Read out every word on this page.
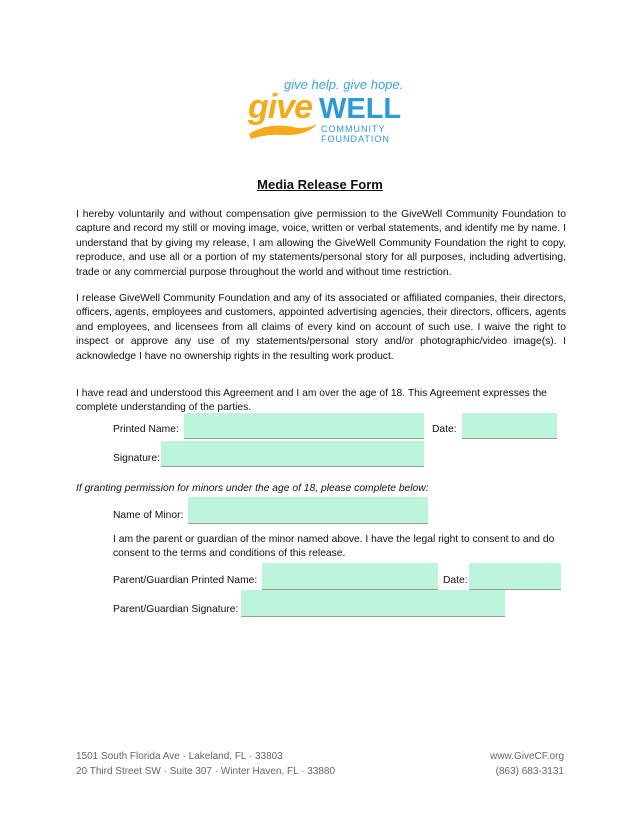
give help. give hope.
give WELL
COMMUNITY
FOUNDATION
Media Release Form

I hereby voluntarily and without compensation give permission to the GiveWell Community Foundation to capture and record my still or moving image, voice, written or verbal statements, and identify me by name. I understand that by giving my release, I am allowing the GiveWell Community Foundation the right to copy, reproduce, and use all or a portion of my statements/personal story for all purposes, including advertising, trade or any commercial purpose throughout the world and without time restriction.

I release GiveWell Community Foundation and any of its associated or affiliated companies, their directors, officers, agents, employees and customers, appointed advertising agencies, their directors, officers, agents and employees, and licensees from all claims of every kind on account of such use. I waive the right to inspect or approve any use of my statements/personal story and/or photographic/video image(s). I acknowledge I have no ownership rights in the resulting work product.

I have read and understood this Agreement and I am over the age of 18. This Agreement expresses the complete understanding of the parties.

Printed Name:	Date:
Signature:

If granting permission for minors under the age of 18, please complete below:

Name of Minor:

I am the parent or guardian of the minor named above. I have the legal right to consent to and do consent to the terms and conditions of this release.

Parent/Guardian Printed Name:	Date:
Parent/Guardian Signature:
1501 South Florida Ave · Lakeland, FL · 33803
20 Third Street SW · Suite 307 · Winter Haven, FL · 33880
www.GiveCF.org
(863) 683-3131
